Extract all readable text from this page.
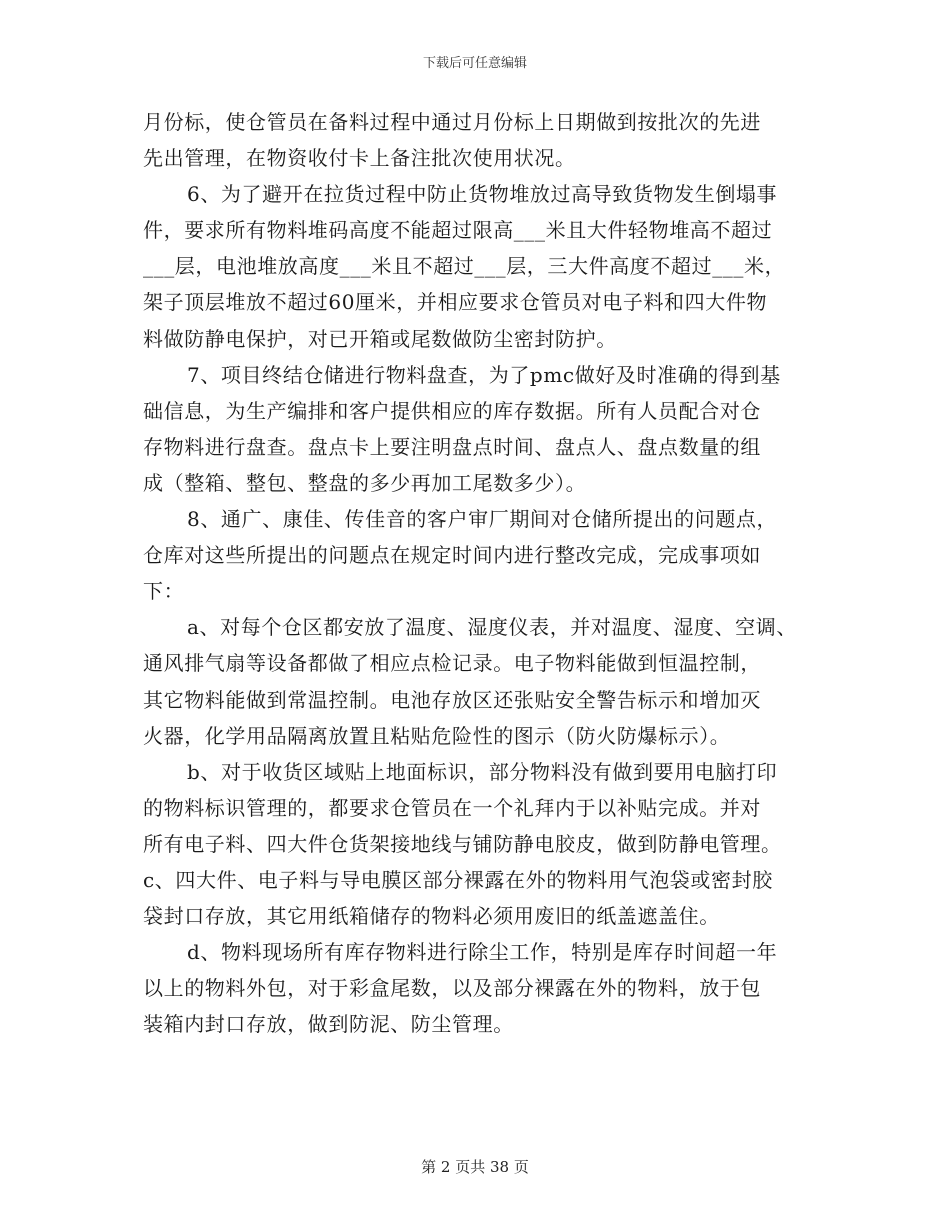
下载后可任意编辑
月份标，使仓管员在备料过程中通过月份标上日期做到按批次的先进
先出管理，在物资收付卡上备注批次使用状况。
6、为了避开在拉货过程中防止货物堆放过高导致货物发生倒塌事
件，要求所有物料堆码高度不能超过限高___米且大件轻物堆高不超过
___层，电池堆放高度___米且不超过___层，三大件高度不超过___米，
架子顶层堆放不超过60厘米，并相应要求仓管员对电子料和四大件物
料做防静电保护，对已开箱或尾数做防尘密封防护。
7、项目终结仓储进行物料盘查，为了pmc做好及时准确的得到基
础信息，为生产编排和客户提供相应的库存数据。所有人员配合对仓
存物料进行盘查。盘点卡上要注明盘点时间、盘点人、盘点数量的组
成（整箱、整包、整盘的多少再加工尾数多少）。
8、通广、康佳、传佳音的客户审厂期间对仓储所提出的问题点，
仓库对这些所提出的问题点在规定时间内进行整改完成，完成事项如
下：
a、对每个仓区都安放了温度、湿度仪表，并对温度、湿度、空调、
通风排气扇等设备都做了相应点检记录。电子物料能做到恒温控制，
其它物料能做到常温控制。电池存放区还张贴安全警告标示和增加灭
火器，化学用品隔离放置且粘贴危险性的图示（防火防爆标示）。
b、对于收货区域贴上地面标识，部分物料没有做到要用电脑打印
的物料标识管理的，都要求仓管员在一个礼拜内于以补贴完成。并对
所有电子料、四大件仓货架接地线与铺防静电胶皮，做到防静电管理。
c、四大件、电子料与导电膜区部分裸露在外的物料用气泡袋或密封胶
袋封口存放，其它用纸箱储存的物料必须用废旧的纸盖遮盖住。
d、物料现场所有库存物料进行除尘工作，特别是库存时间超一年
以上的物料外包，对于彩盒尾数，以及部分裸露在外的物料，放于包
装箱内封口存放，做到防泥、防尘管理。
第 2 页共 38 页
